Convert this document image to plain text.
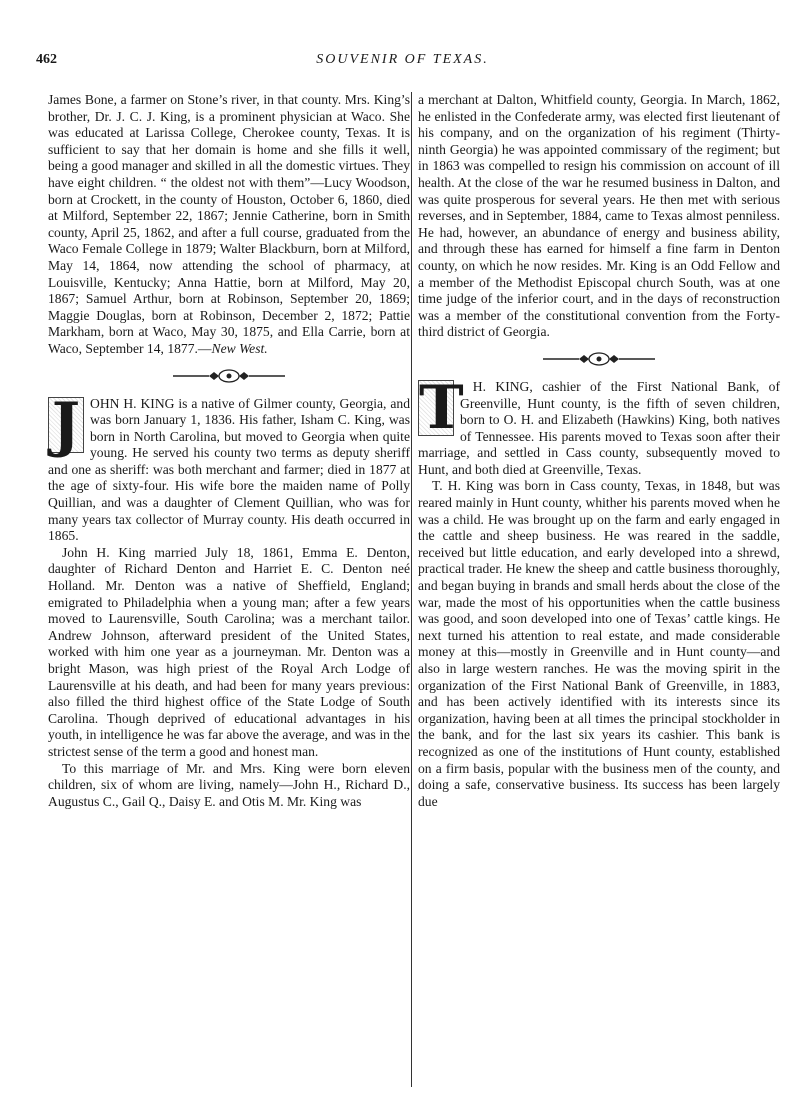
462	SOUVENIR OF TEXAS.

James Bone, a farmer on Stone’s river, in that county. Mrs. King’s brother, Dr. J. C. J. King, is a prominent physician at Waco. She was educated at Larissa College, Cherokee county, Texas. It is sufficient to say that her domain is home and she fills it well, being a good manager and skilled in all the domestic virtues. They have eight children. “ the oldest not with them”—Lucy Woodson, born at Crockett, in the county of Houston, October 6, 1860, died at Milford, September 22, 1867; Jennie Catherine, born in Smith county, April 25, 1862, and after a full course, graduated from the Waco Female College in 1879; Walter Blackburn, born at Milford, May 14, 1864, now attending the school of pharmacy, at Louisville, Kentucky; Anna Hattie, born at Milford, May 20, 1867; Samuel Arthur, born at Robinson, September 20, 1869; Maggie Douglas, born at Robinson, December 2, 1872; Pattie Markham, born at Waco, May 30, 1875, and Ella Carrie, born at Waco, September 14, 1877.—New West.

J OHN H. KING is a native of Gilmer county, Georgia, and was born January 1, 1836. His father, Isham C. King, was born in North Carolina, but moved to Georgia when quite young. He served his county two terms as deputy sheriff and one as sheriff: was both merchant and farmer; died in 1877 at the age of sixty-four. His wife bore the maiden name of Polly Quillian, and was a daughter of Clement Quillian, who was for many years tax collector of Murray county. His death occurred in 1865.

John H. King married July 18, 1861, Emma E. Denton, daughter of Richard Denton and Harriet E. C. Denton neé Holland. Mr. Denton was a native of Sheffield, England; emigrated to Philadelphia when a young man; after a few years moved to Laurensville, South Carolina; was a merchant tailor. Andrew Johnson, afterward president of the United States, worked with him one year as a journeyman. Mr. Denton was a bright Mason, was high priest of the Royal Arch Lodge of Laurensville at his death, and had been for many years previous: also filled the third highest office of the State Lodge of South Carolina. Though deprived of educational advantages in his youth, in intelligence he was far above the average, and was in the strictest sense of the term a good and honest man.

To this marriage of Mr. and Mrs. King were born eleven children, six of whom are living, namely—John H., Richard D., Augustus C., Gail Q., Daisy E. and Otis M. Mr. King was

a merchant at Dalton, Whitfield county, Georgia. In March, 1862, he enlisted in the Confederate army, was elected first lieutenant of his company, and on the organization of his regiment (Thirty-ninth Georgia) he was appointed commissary of the regiment; but in 1863 was compelled to resign his commission on account of ill health. At the close of the war he resumed business in Dalton, and was quite prosperous for several years. He then met with serious reverses, and in September, 1884, came to Texas almost penniless. He had, however, an abundance of energy and business ability, and through these has earned for himself a fine farm in Denton county, on which he now resides. Mr. King is an Odd Fellow and a member of the Methodist Episcopal church South, was at one time judge of the inferior court, and in the days of reconstruction was a member of the constitutional convention from the Forty-third district of Georgia.

T

. H. KING, cashier of the First National Bank, of Greenville, Hunt county, is the fifth of seven children, born to O. H. and Elizabeth (Hawkins) King, both natives of Tennessee. His parents moved to Texas soon after their marriage, and settled in Cass county, subsequently moved to Hunt, and both died at Greenville, Texas.

T. H. King was born in Cass county, Texas, in 1848, but was reared mainly in Hunt county, whither his parents moved when he was a child. He was brought up on the farm and early engaged in the cattle and sheep business. He was reared in the saddle, received but little education, and early developed into a shrewd, practical trader. He knew the sheep and cattle business thoroughly, and began buying in brands and small herds about the close of the war, made the most of his opportunities when the cattle business was good, and soon developed into one of Texas’ cattle kings. He next turned his attention to real estate, and made considerable money at this—mostly in Greenville and in Hunt county—and also in large western ranches. He was the moving spirit in the organization of the First National Bank of Greenville, in 1883, and has been actively identified with its interests since its organization, having been at all times the principal stockholder in the bank, and for the last six years its cashier. This bank is recognized as one of the institutions of Hunt county, established on a firm basis, popular with the business men of the county, and doing a safe, conservative business. Its success has been largely due
